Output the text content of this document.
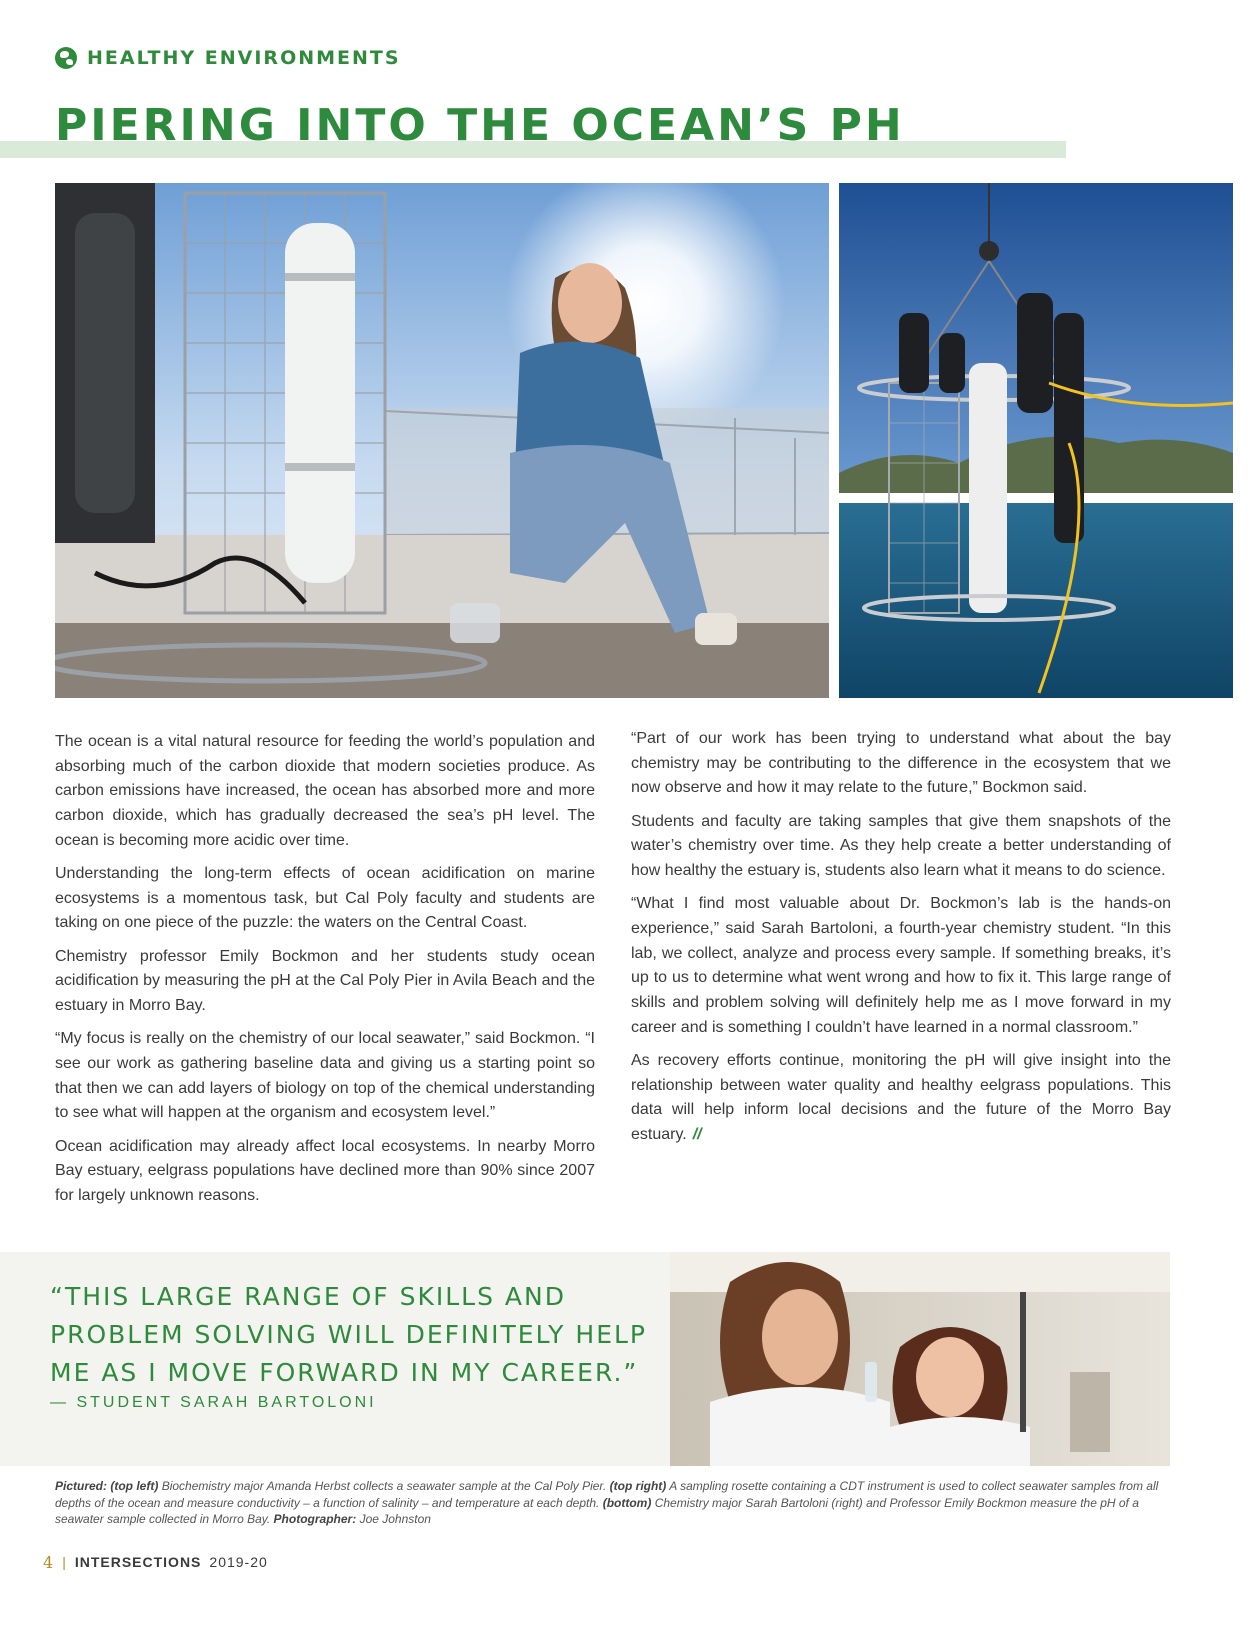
HEALTHY ENVIRONMENTS
PIERING INTO THE OCEAN’S PH

The ocean is a vital natural resource for feeding the world’s population and absorbing much of the carbon dioxide that modern societies produce. As carbon emissions have increased, the ocean has absorbed more and more carbon dioxide, which has gradually decreased the sea’s pH level. The ocean is becoming more acidic over time.

Understanding the long-term effects of ocean acidification on marine ecosystems is a momentous task, but Cal Poly faculty and students are taking on one piece of the puzzle: the waters on the Central Coast.

Chemistry professor Emily Bockmon and her students study ocean acidification by measuring the pH at the Cal Poly Pier in Avila Beach and the estuary in Morro Bay.

“My focus is really on the chemistry of our local seawater,” said Bockmon. “I see our work as gathering baseline data and giving us a starting point so that then we can add layers of biology on top of the chemical understanding to see what will happen at the organism and ecosystem level.”

Ocean acidification may already affect local ecosystems. In nearby Morro Bay estuary, eelgrass populations have declined more than 90% since 2007 for largely unknown reasons.

“Part of our work has been trying to understand what about the bay chemistry may be contributing to the difference in the ecosystem that we now observe and how it may relate to the future,” Bockmon said.

Students and faculty are taking samples that give them snapshots of the water’s chemistry over time. As they help create a better understanding of how healthy the estuary is, students also learn what it means to do science.

“What I find most valuable about Dr. Bockmon’s lab is the hands-on experience,” said Sarah Bartoloni, a fourth-year chemistry student. “In this lab, we collect, analyze and process every sample. If something breaks, it’s up to us to determine what went wrong and how to fix it. This large range of skills and problem solving will definitely help me as I move forward in my career and is something I couldn’t have learned in a normal classroom.”

As recovery efforts continue, monitoring the pH will give insight into the relationship between water quality and healthy eelgrass populations. This data will help inform local decisions and the future of the Morro Bay estuary. //

“THIS LARGE RANGE OF SKILLS AND PROBLEM SOLVING WILL DEFINITELY HELP ME AS I MOVE FORWARD IN MY CAREER.”
— STUDENT SARAH BARTOLONI
Pictured: (top left) Biochemistry major Amanda Herbst collects a seawater sample at the Cal Poly Pier. (top right) A sampling rosette containing a CDT instrument is used to collect seawater samples from all depths of the ocean and measure conductivity – a function of salinity – and temperature at each depth. (bottom) Chemistry major Sarah Bartoloni (right) and Professor Emily Bockmon measure the pH of a seawater sample collected in Morro Bay. Photographer: Joe Johnston
4 | INTERSECTIONS 2019-20
